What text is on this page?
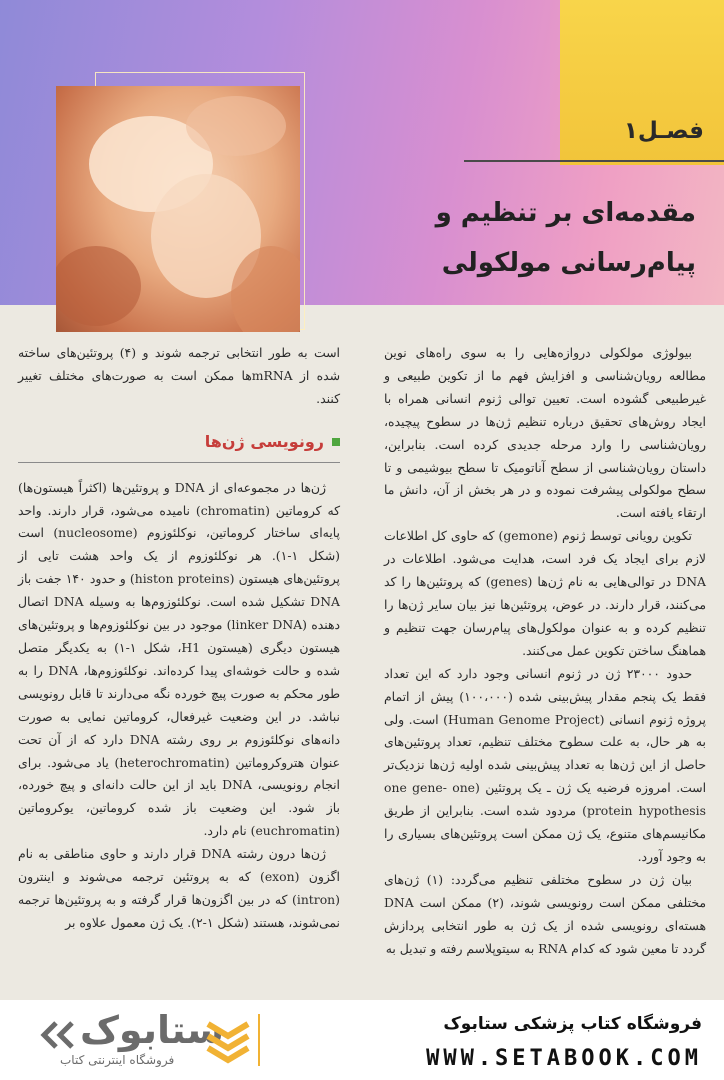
فصـل۱
مقدمه‌ای بر تنظیم و پیام‌رسانی مولکولی

بیولوژی مولکولی دروازه‌هایی را به سوی راه‌های نوین مطالعه رویان‌شناسی و افزایش فهم ما از تکوین طبیعی و غیرطبیعی گشوده است. تعیین توالی ژنوم انسانی همراه با ایجاد روش‌های تحقیق درباره تنظیم ژن‌ها در سطوح پیچیده، رویان‌شناسی را وارد مرحله جدیدی کرده است. بنابراین، داستان رویان‌شناسی از سطح آناتومیک تا سطح بیوشیمی و تا سطح مولکولی پیشرفت نموده و در هر بخش از آن، دانش ما ارتقاء یافته است.

تکوین رویانی توسط ژنوم (gemone) که حاوی کل اطلاعات لازم برای ایجاد یک فرد است، هدایت می‌شود. اطلاعات در DNA در توالی‌هایی به نام ژن‌ها (genes) که پروتئین‌ها را کد می‌کنند، قرار دارند. در عوض، پروتئین‌ها نیز بیان سایر ژن‌ها را تنظیم کرده و به عنوان مولکول‌های پیام‌رسان جهت تنظیم و هماهنگ ساختن تکوین عمل می‌کنند.

حدود ۲۳۰۰۰ ژن در ژنوم انسانی وجود دارد که این تعداد فقط یک پنجم مقدار پیش‌بینی شده (۱۰۰،۰۰۰) پیش از اتمام پروژه ژنوم انسانی (Human Genome Project) است. ولی به هر حال، به علت سطوح مختلف تنظیم، تعداد پروتئین‌های حاصل از این ژن‌ها به تعداد پیش‌بینی شده اولیه ژن‌ها نزدیک‌تر است. امروزه فرضیه یک ژن ـ یک پروتئین (one gene- one protein hypothesis) مردود شده است. بنابراین از طریق مکانیسم‌های متنوع، یک ژن ممکن است پروتئین‌های بسیاری را به وجود آورد.

بیان ژن در سطوح مختلفی تنظیم می‌گردد: (۱) ژن‌های مختلفی ممکن است رونویسی شوند، (۲) ممکن است DNA هسته‌ای رونویسی شده از یک ژن به طور انتخابی پردازش گردد تا معین شود که کدام RNA به سیتوپلاسم رفته و تبدیل به

است به طور انتخابی ترجمه شوند و (۴) پروتئین‌های ساخته شده از mRNAها ممکن است به صورت‌های مختلف تغییر کنند.

رونویسی ژن‌ها

ژن‌ها در مجموعه‌ای از DNA و پروتئین‌ها (اکثراً هیستون‌ها) که کروماتین (chromatin) نامیده می‌شود، قرار دارند. واحد پایه‌ای ساختار کروماتین، نوکلئوزوم (nucleosome) است (شکل ۱-۱). هر نوکلئوزوم از یک واحد هشت تایی از پروتئین‌های هیستون (histon proteins) و حدود ۱۴۰ جفت باز DNA تشکیل شده است. نوکلئوزوم‌ها به وسیله DNA اتصال دهنده (linker DNA) موجود در بین نوکلئوزوم‌ها و پروتئین‌های هیستون دیگری (هیستون H1، شکل ۱-۱) به یکدیگر متصل شده و حالت خوشه‌ای پیدا کرده‌اند. نوکلئوزوم‌ها، DNA را به طور محکم به صورت پیچ خورده نگه می‌دارند تا قابل رونویسی نباشد. در این وضعیت غیرفعال، کروماتین نمایی به صورت دانه‌های نوکلئوزوم بر روی رشته DNA دارد که از آن تحت عنوان هتروکروماتین (heterochromatin) یاد می‌شود. برای انجام رونویسی، DNA باید از این حالت دانه‌ای و پیچ خورده، باز شود. این وضعیت باز شده کروماتین، یوکروماتین (euchromatin) نام دارد.

ژن‌ها درون رشته DNA قرار دارند و حاوی مناطقی به نام اگزون (exon) که به پروتئین ترجمه می‌شوند و اینترون (intron) که در بین اگزون‌ها قرار گرفته و به پروتئین‌ها ترجمه نمی‌شوند، هستند (شکل ۱-۲). یک ژن معمول علاوه بر

ستابوک

فروشگاه اینترنتی کتاب

فروشگاه کتاب پزشکی ستابوک

WWW.SETABOOK.COM
